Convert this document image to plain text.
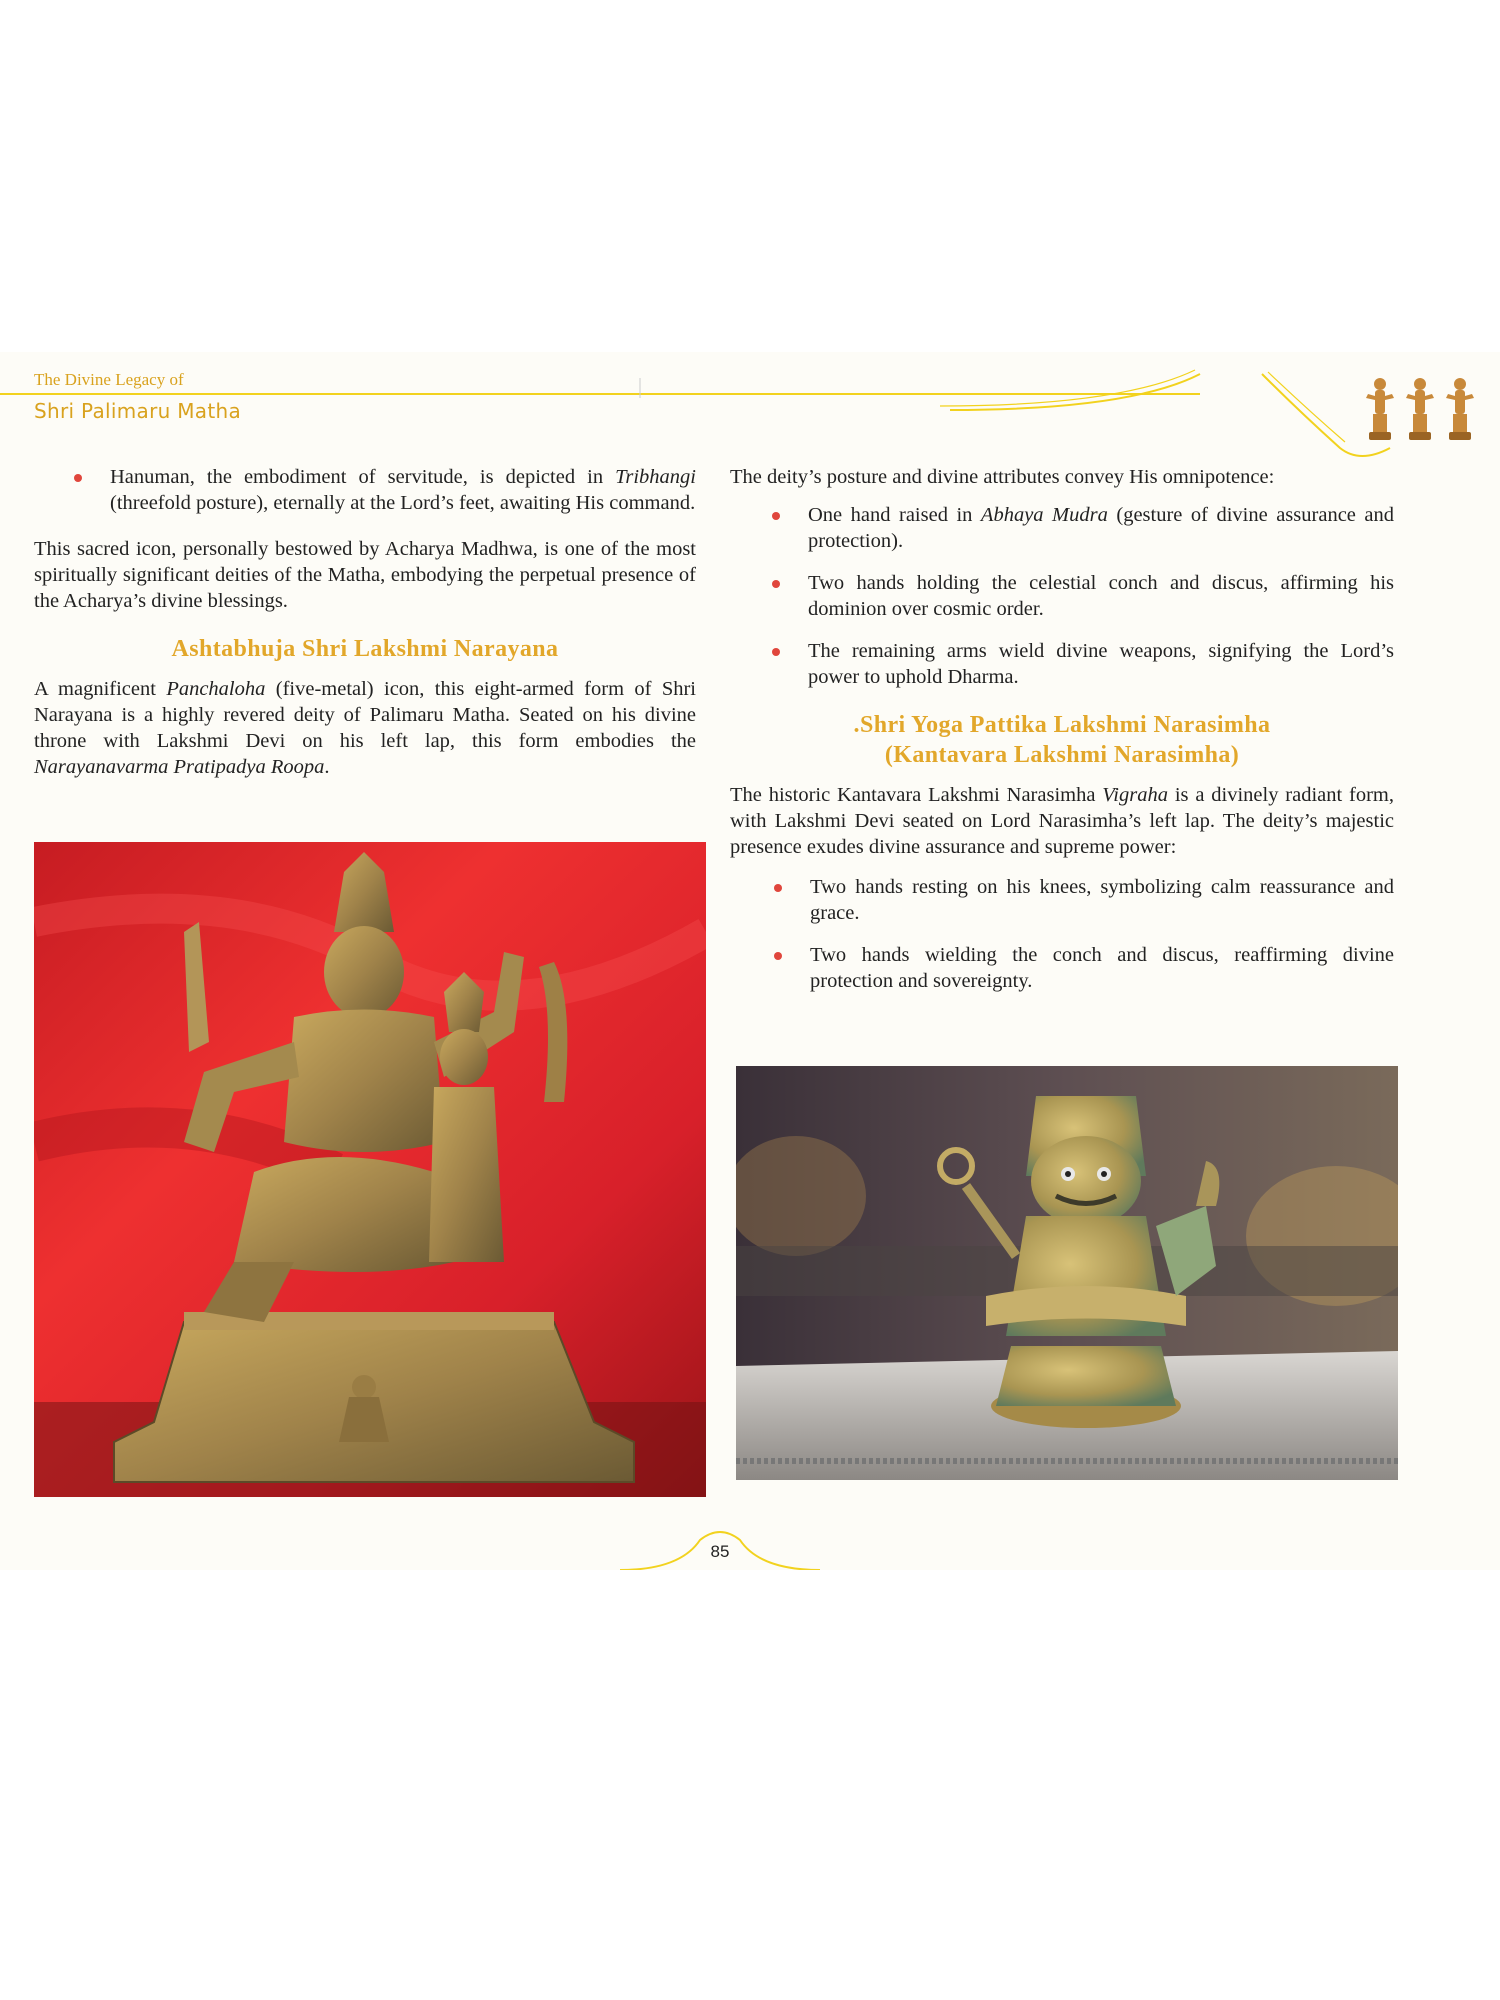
The Divine Legacy of
Shri Palimaru Matha
Hanuman, the embodiment of servitude, is depicted in Tribhangi (threefold posture), eternally at the Lord’s feet, awaiting His command.

This sacred icon, personally bestowed by Acharya Madhwa, is one of the most spiritually significant deities of the Matha, embodying the perpetual presence of the Acharya’s divine blessings.

Ashtabhuja Shri Lakshmi Narayana

A magnificent Panchaloha (five-metal) icon, this eight-armed form of Shri Narayana is a highly revered deity of Palimaru Matha. Seated on his divine throne with Lakshmi Devi on his left lap, this form embodies the Narayanavarma Pratipadya Roopa.

The deity’s posture and divine attributes convey His omnipotence:

One hand raised in Abhaya Mudra (gesture of divine assurance and protection).
Two hands holding the celestial conch and discus, affirming his dominion over cosmic order.
The remaining arms wield divine weapons, signifying the Lord’s power to uphold Dharma.
.Shri Yoga Pattika Lakshmi Narasimha
(Kantavara Lakshmi Narasimha)

The historic Kantavara Lakshmi Narasimha Vigraha is a divinely radiant form, with Lakshmi Devi seated on Lord Narasimha’s left lap. The deity’s majestic presence exudes divine assurance and supreme power:

Two hands resting on his knees, symbolizing calm reassurance and grace.
Two hands wielding the conch and discus, reaffirming divine protection and sovereignty.
85
